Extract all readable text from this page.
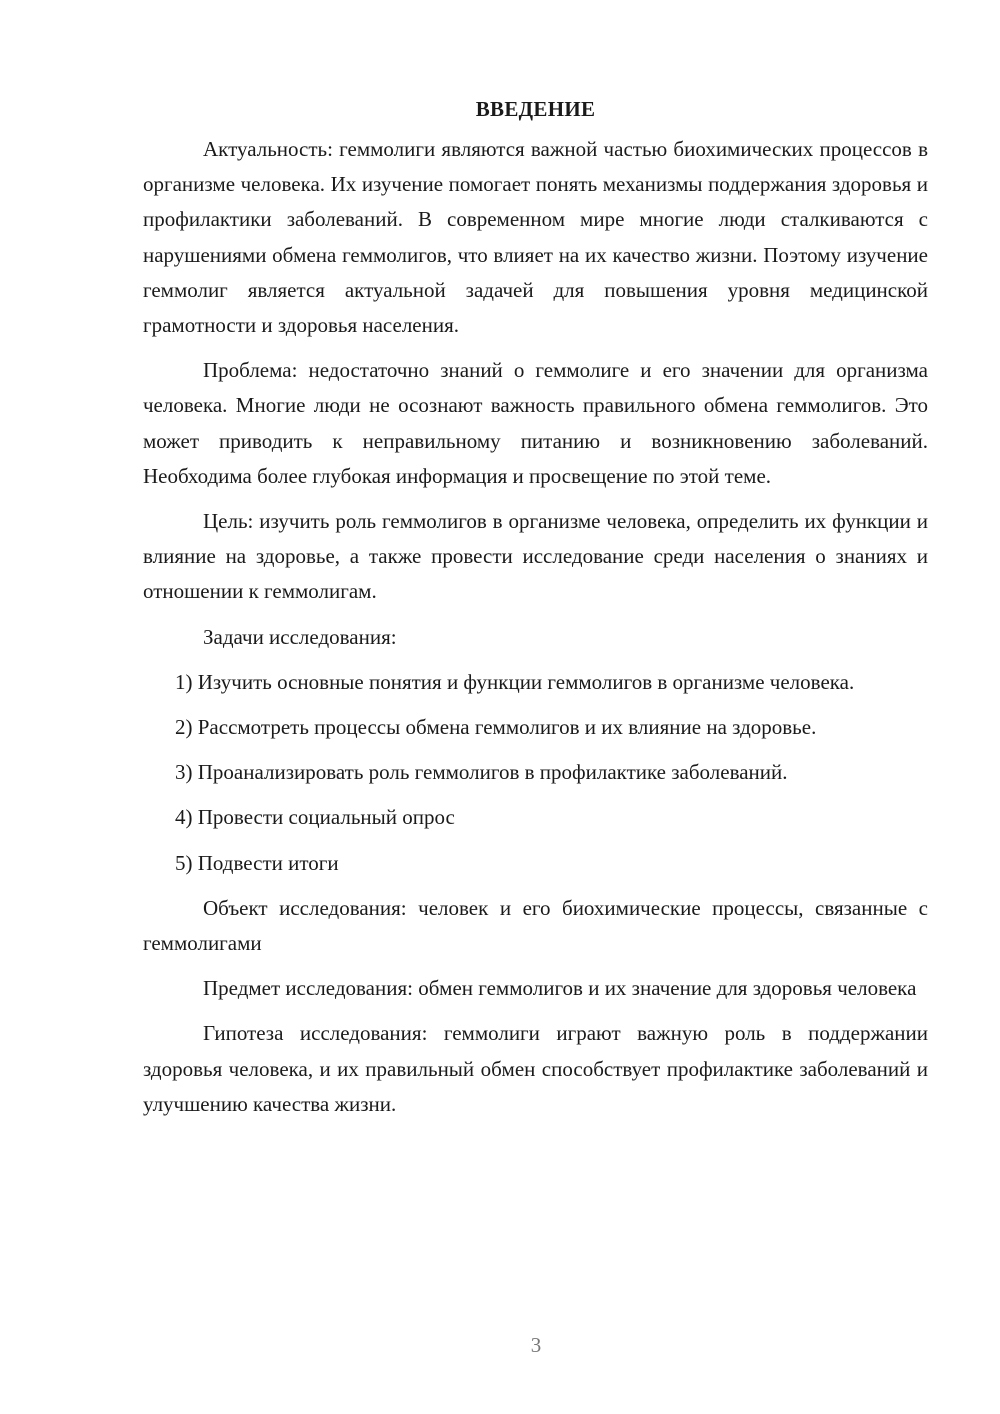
ВВЕДЕНИЕ

Актуальность: геммолиги являются важной частью биохимических процессов в организме человека. Их изучение помогает понять механизмы поддержания здоровья и профилактики заболеваний. В современном мире многие люди сталкиваются с нарушениями обмена геммолигов, что влияет на их качество жизни. Поэтому изучение геммолиг является актуальной задачей для повышения уровня медицинской грамотности и здоровья населения.

Проблема: недостаточно знаний о геммолиге и его значении для организма человека. Многие люди не осознают важность правильного обмена геммолигов. Это может приводить к неправильному питанию и возникновению заболеваний. Необходима более глубокая информация и просвещение по этой теме.

Цель: изучить роль геммолигов в организме человека, определить их функции и влияние на здоровье, а также провести исследование среди населения о знаниях и отношении к геммолигам.

Задачи исследования:

1) Изучить основные понятия и функции геммолигов в организме человека.

2) Рассмотреть процессы обмена геммолигов и их влияние на здоровье.

3) Проанализировать роль геммолигов в профилактике заболеваний.

4) Провести социальный опрос

5) Подвести итоги

Объект исследования: человек и его биохимические процессы, связанные с геммолигами

Предмет исследования: обмен геммолигов и их значение для здоровья человека

Гипотеза исследования: геммолиги играют важную роль в поддержании здоровья человека, и их правильный обмен способствует профилактике заболеваний и улучшению качества жизни.

3
